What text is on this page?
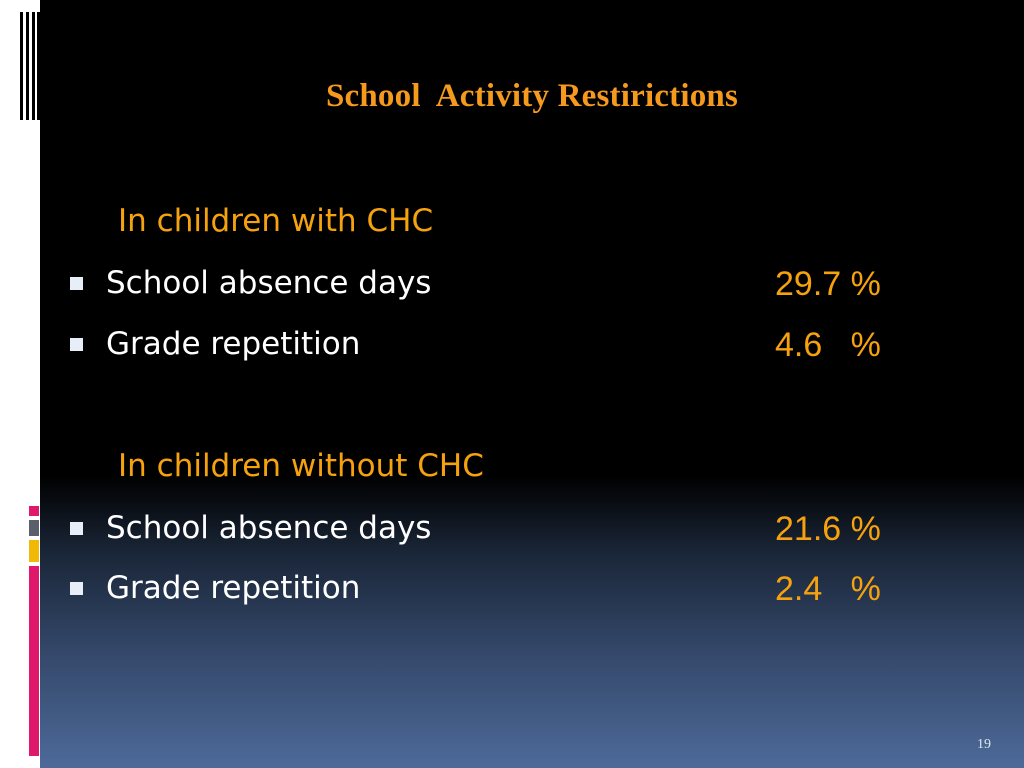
School  Activity Restirictions
In children with CHC
School absence days	29.7 %
Grade repetition	4.6   %
In children without CHC
School absence days	21.6 %
Grade repetition	2.4   %
19
